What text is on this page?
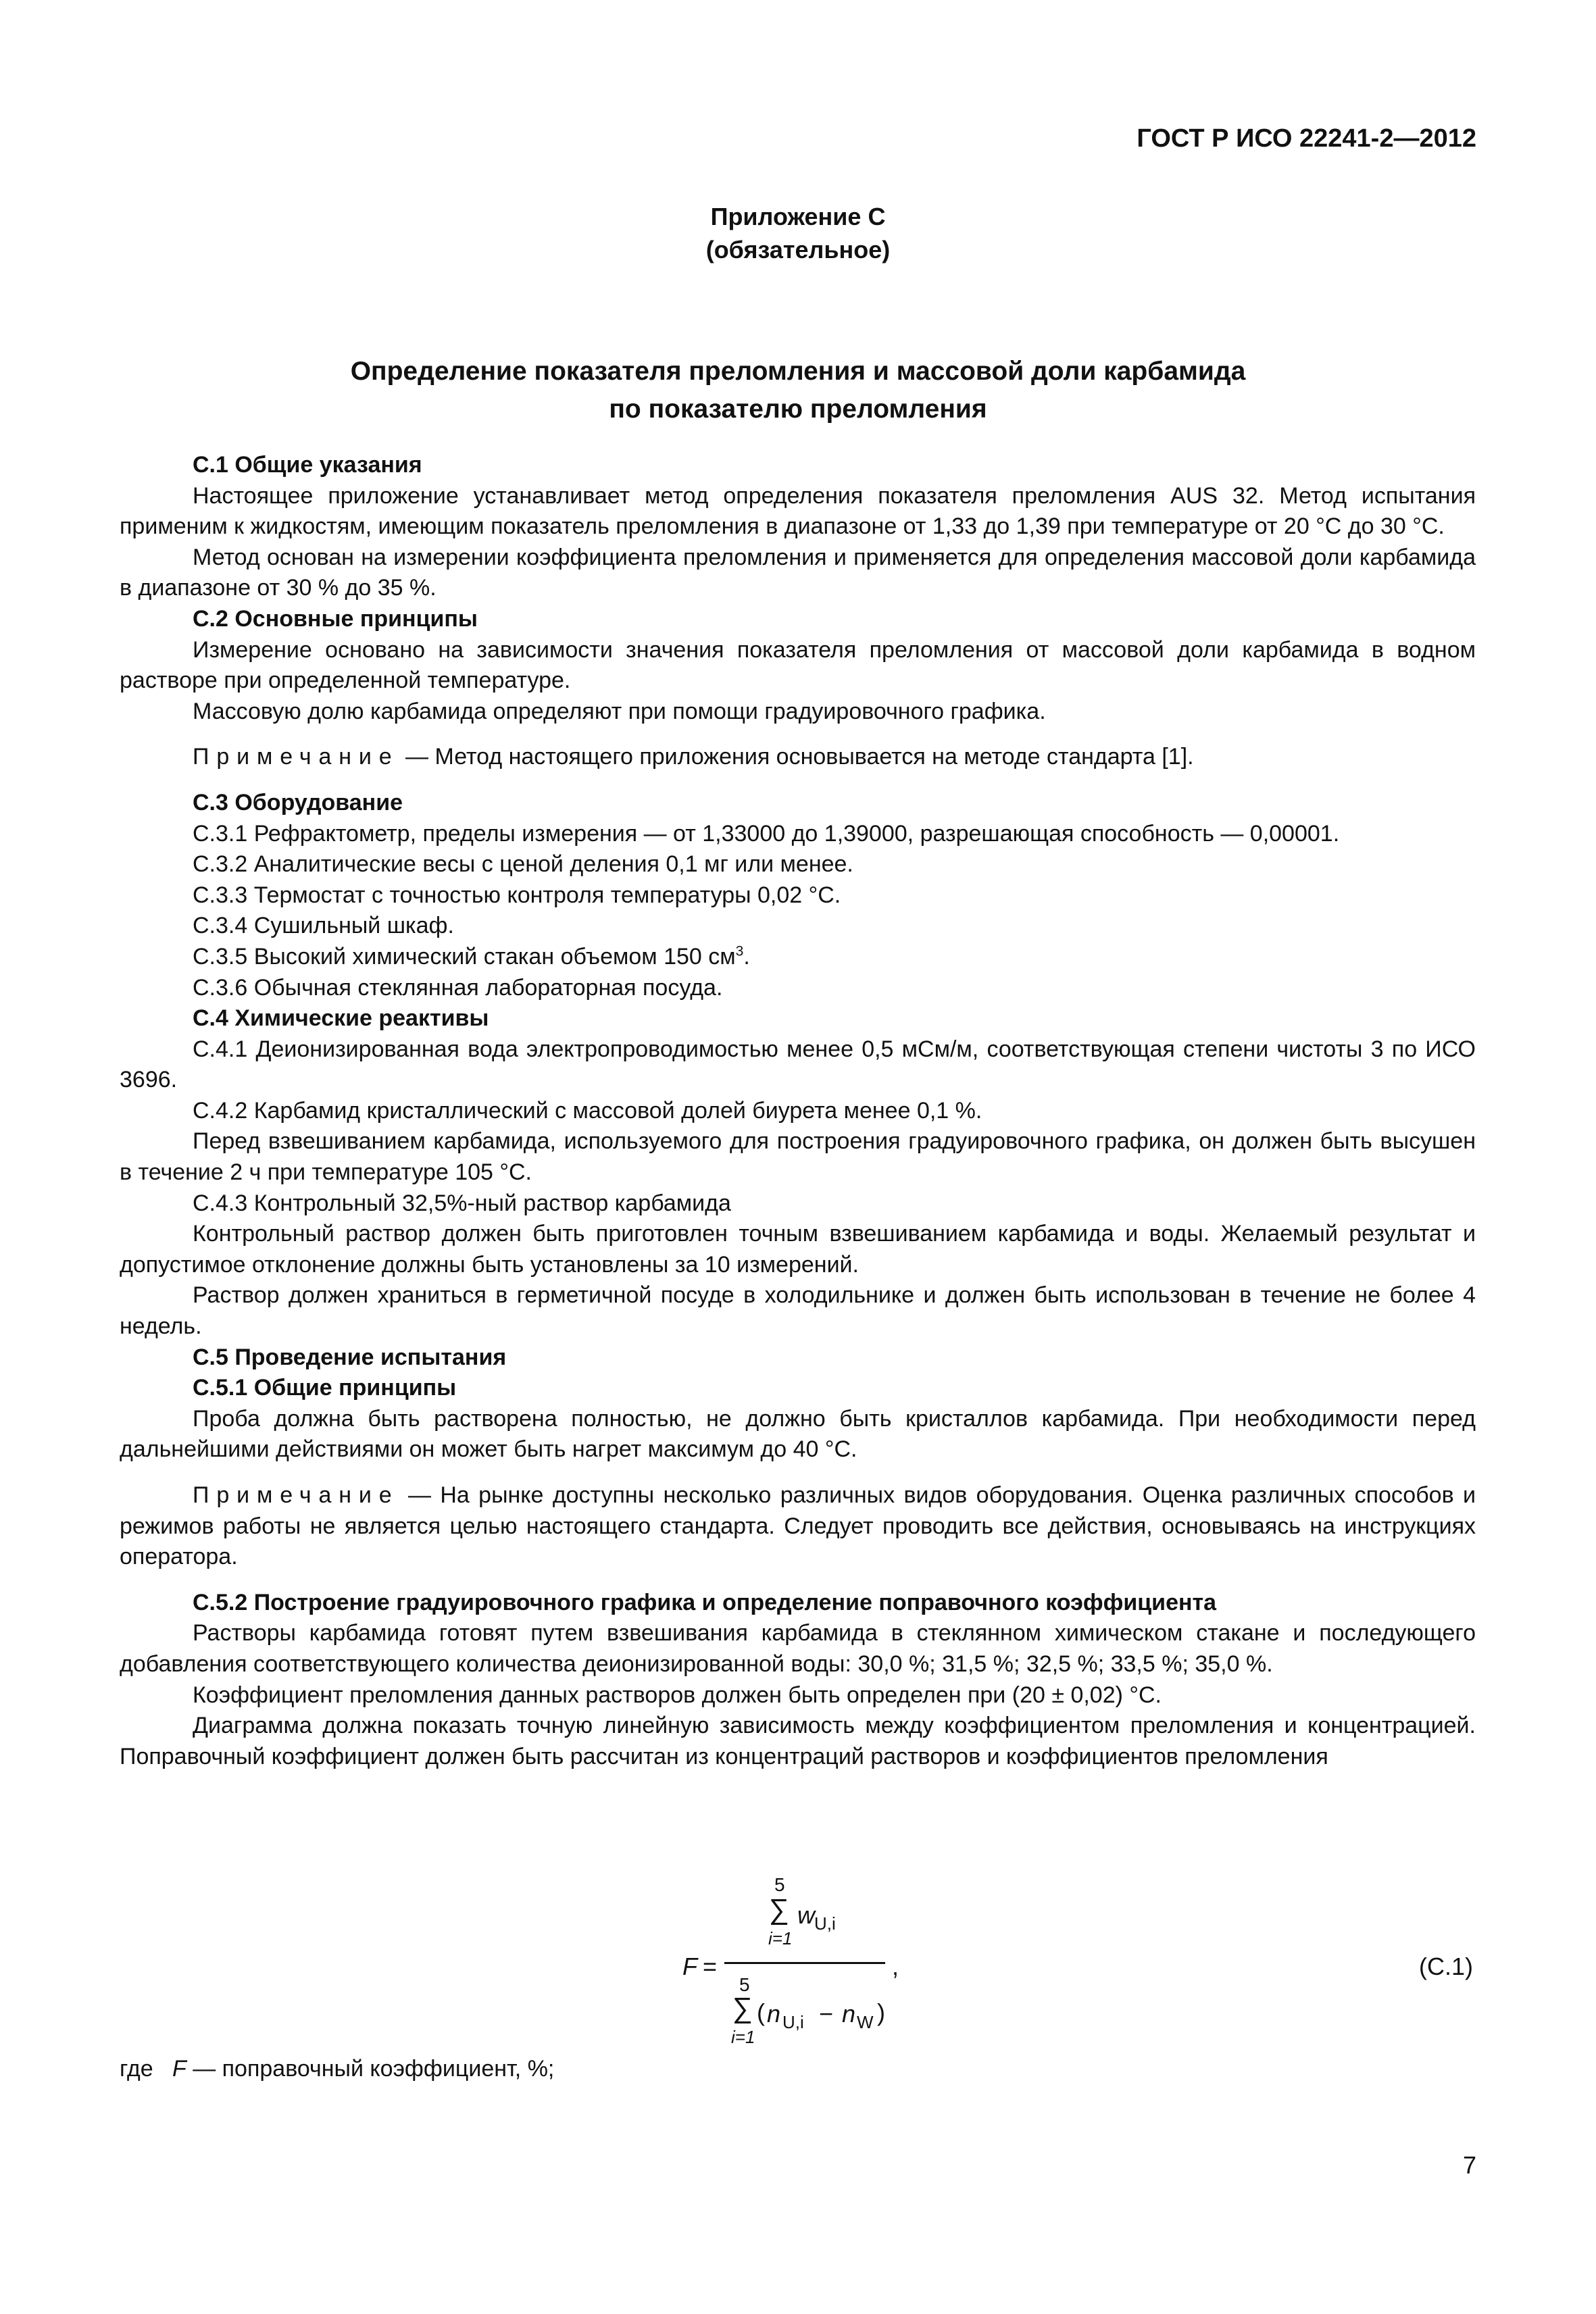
ГОСТ Р ИСО 22241-2—2012
Приложение С
(обязательное)
Определение показателя преломления и массовой доли карбамида
по показателю преломления

С.1 Общие указания

Настоящее приложение устанавливает метод определения показателя преломления AUS 32. Метод испытания применим к жидкостям, имеющим показатель преломления в диапазоне от 1,33 до 1,39 при температуре от 20 °С до 30 °С.

Метод основан на измерении коэффициента преломления и применяется для определения массовой доли карбамида в диапазоне от 30 % до 35 %.

С.2 Основные принципы

Измерение основано на зависимости значения показателя преломления от массовой доли карбамида в водном растворе при определенной температуре.

Массовую долю карбамида определяют при помощи градуировочного графика.

Примечание — Метод настоящего приложения основывается на методе стандарта [1].

С.3 Оборудование

С.3.1 Рефрактометр, пределы измерения — от 1,33000 до 1,39000, разрешающая способность — 0,00001.

С.3.2 Аналитические весы с ценой деления 0,1 мг или менее.

С.3.3 Термостат с точностью контроля температуры 0,02 °С.

С.3.4 Сушильный шкаф.

С.3.5 Высокий химический стакан объемом 150 $см^3$.

С.3.6 Обычная стеклянная лабораторная посуда.

С.4 Химические реактивы

С.4.1 Деионизированная вода электропроводимостью менее 0,5 мСм/м, соответствующая степени чистоты 3 по ИСО 3696.

С.4.2 Карбамид кристаллический с массовой долей биурета менее 0,1 %.

Перед взвешиванием карбамида, используемого для построения градуировочного графика, он должен быть высушен в течение 2 ч при температуре 105 °С.

С.4.3 Контрольный 32,5%-ный раствор карбамида

Контрольный раствор должен быть приготовлен точным взвешиванием карбамида и воды. Желаемый результат и допустимое отклонение должны быть установлены за 10 измерений.

Раствор должен храниться в герметичной посуде в холодильнике и должен быть использован в течение не более 4 недель.

С.5 Проведение испытания

С.5.1 Общие принципы

Проба должна быть растворена полностью, не должно быть кристаллов карбамида. При необходимости перед дальнейшими действиями он может быть нагрет максимум до 40 °С.

Примечание — На рынке доступны несколько различных видов оборудования. Оценка различных способов и режимов работы не является целью настоящего стандарта. Следует проводить все действия, основываясь на инструкциях оператора.

С.5.2 Построение градуировочного графика и определение поправочного коэффициента

Растворы карбамида готовят путем взвешивания карбамида в стеклянном химическом стакане и последующего добавления соответствующего количества деионизированной воды: 30,0 %; 31,5 %; 32,5 %; 33,5 %; 35,0 %.

Коэффициент преломления данных растворов должен быть определен при (20 ± 0,02) °С.

Диаграмма должна показать точную линейную зависимость между коэффициентом преломления и концентрацией. Поправочный коэффициент должен быть рассчитан из концентраций растворов и коэффициентов преломления

F =
5
∑
i=1
w U,i
5
∑
i=1
( n U,i − n W )
,	(С.1)
где F — поправочный коэффициент, %;
7
